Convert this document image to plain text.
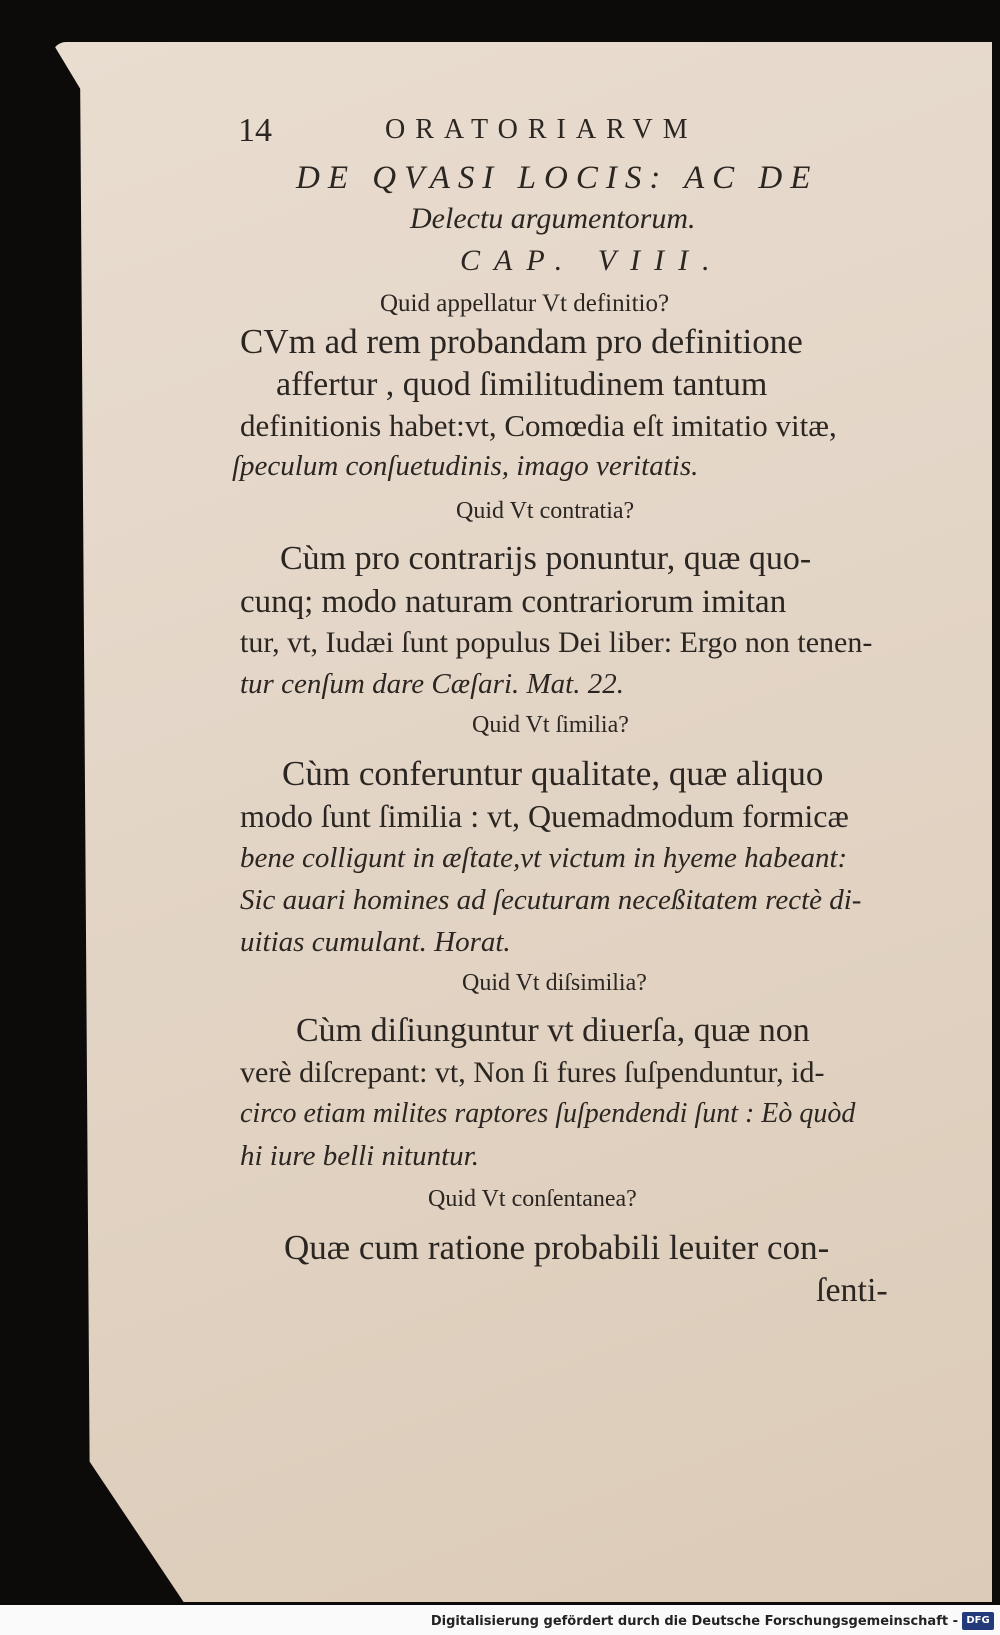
14	ORATORIARVM
DE QVASI LOCIS: AC DE
Delectu argumentorum.
CAP. VIII.
Quid appellatur Vt definitio?
CVm ad rem probandam pro definitione
affertur , quod ſimilitudinem tantum
definitionis habet:vt, Comœdia eſt imitatio vitæ,
ſpeculum conſuetudinis, imago veritatis.
Quid Vt contratia?
Cùm pro contrarijs ponuntur, quæ quo-
cunq; modo naturam contrariorum imitan
tur, vt, Iudæi ſunt populus Dei liber: Ergo non tenen-
tur cenſum dare Cæſari. Mat. 22.
Quid Vt ſimilia?
Cùm conferuntur qualitate, quæ aliquo
modo ſunt ſimilia : vt, Quemadmodum formicæ
bene colligunt in æſtate,vt victum in hyeme habeant:
Sic auari homines ad ſecuturam neceßitatem rectè di-
uitias cumulant. Horat.
Quid Vt diſsimilia?
Cùm diſiunguntur vt diuerſa, quæ non
verè diſcrepant: vt, Non ſi fures ſuſpenduntur, id-
circo etiam milites raptores ſuſpendendi ſunt : Eò quòd
hi iure belli nituntur.
Quid Vt conſentanea?
Quæ cum ratione probabili leuiter con-
ſenti-
Digitalisierung gefördert durch die Deutsche Forschungsgemeinschaft - DFG
